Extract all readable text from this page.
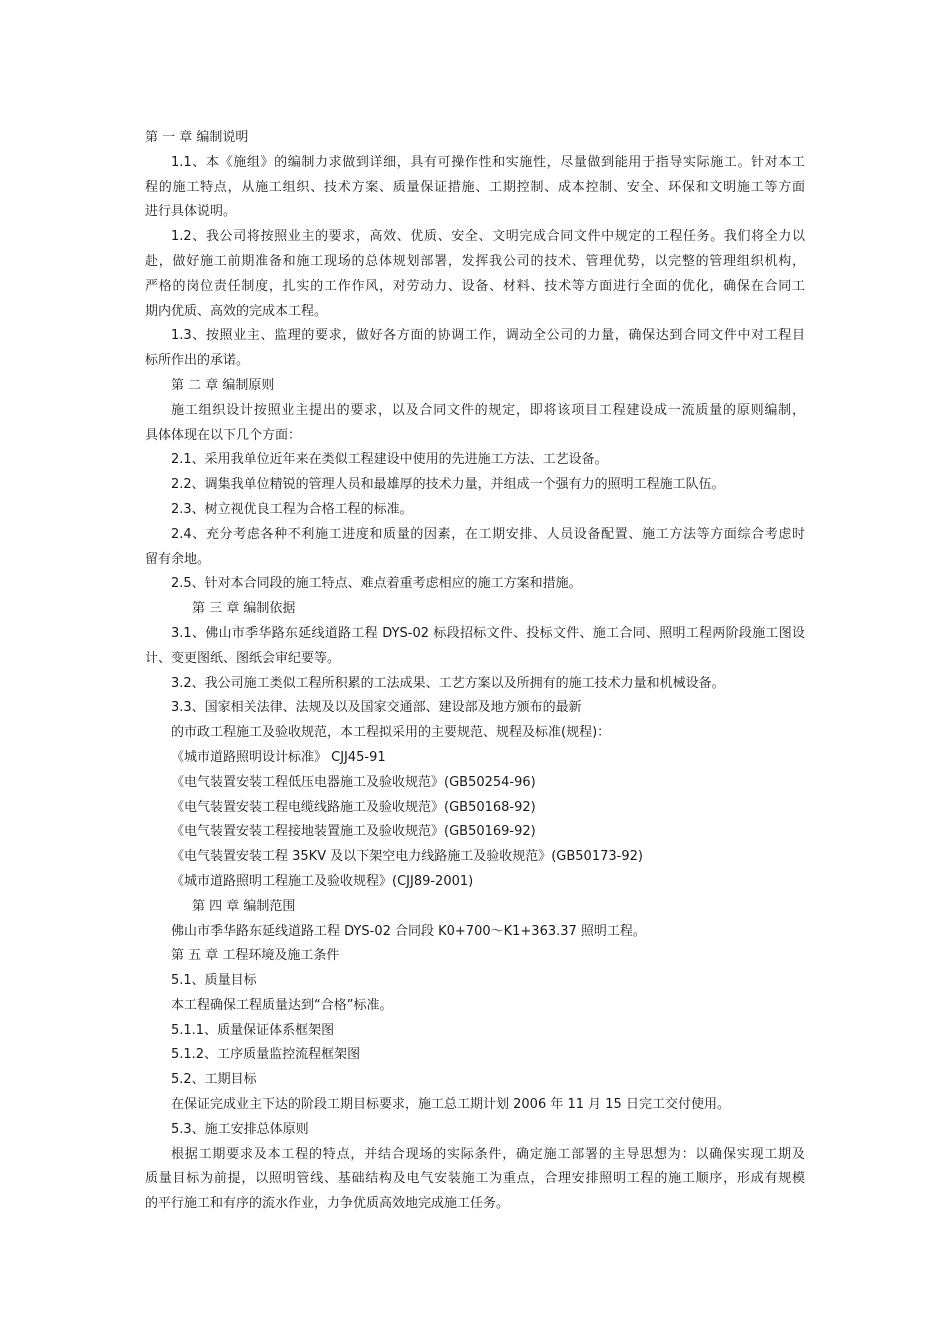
第 一 章 编制说明
1.1、本《施组》的编制力求做到详细，具有可操作性和实施性，尽量做到能用于指导实际施工。针对本工
程的施工特点，从施工组织、技术方案、质量保证措施、工期控制、成本控制、安全、环保和文明施工等方面
进行具体说明。
1.2、我公司将按照业主的要求，高效、优质、安全、文明完成合同文件中规定的工程任务。我们将全力以
赴，做好施工前期准备和施工现场的总体规划部署，发挥我公司的技术、管理优势，以完整的管理组织机构，
严格的岗位责任制度，扎实的工作作风，对劳动力、设备、材料、技术等方面进行全面的优化，确保在合同工
期内优质、高效的完成本工程。
1.3、按照业主、监理的要求，做好各方面的协调工作，调动全公司的力量，确保达到合同文件中对工程目
标所作出的承诺。
第 二 章 编制原则
施工组织设计按照业主提出的要求，以及合同文件的规定，即将该项目工程建设成一流质量的原则编制，
具体体现在以下几个方面：
2.1、采用我单位近年来在类似工程建设中使用的先进施工方法、工艺设备。
2.2、调集我单位精锐的管理人员和最雄厚的技术力量，并组成一个强有力的照明工程施工队伍。
2.3、树立视优良工程为合格工程的标准。
2.4、充分考虑各种不利施工进度和质量的因素，在工期安排、人员设备配置、施工方法等方面综合考虑时
留有余地。
2.5、针对本合同段的施工特点、难点着重考虑相应的施工方案和措施。
第 三 章 编制依据
3.1、佛山市季华路东延线道路工程 DYS-02 标段招标文件、投标文件、施工合同、照明工程两阶段施工图设
计、变更图纸、图纸会审纪要等。
3.2、我公司施工类似工程所积累的工法成果、工艺方案以及所拥有的施工技术力量和机械设备。
3.3、国家相关法律、法规及以及国家交通部、建设部及地方颁布的最新
的市政工程施工及验收规范，本工程拟采用的主要规范、规程及标准(规程)：
《城市道路照明设计标准》 CJJ45-91
《电气装置安装工程低压电器施工及验收规范》(GB50254-96)
《电气装置安装工程电缆线路施工及验收规范》(GB50168-92)
《电气装置安装工程接地装置施工及验收规范》(GB50169-92)
《电气装置安装工程 35KV 及以下架空电力线路施工及验收规范》(GB50173-92)
《城市道路照明工程施工及验收规程》(CJJ89-2001)
第 四 章 编制范围
佛山市季华路东延线道路工程 DYS-02 合同段 K0+700～K1+363.37 照明工程。
第 五 章 工程环境及施工条件
5.1、质量目标
本工程确保工程质量达到“合格”标准。
5.1.1、质量保证体系框架图
5.1.2、工序质量监控流程框架图
5.2、工期目标
在保证完成业主下达的阶段工期目标要求，施工总工期计划 2006 年 11 月 15 日完工交付使用。
5.3、施工安排总体原则
根据工期要求及本工程的特点，并结合现场的实际条件，确定施工部署的主导思想为：以确保实现工期及
质量目标为前提，以照明管线、基础结构及电气安装施工为重点，合理安排照明工程的施工顺序，形成有规模
的平行施工和有序的流水作业，力争优质高效地完成施工任务。
